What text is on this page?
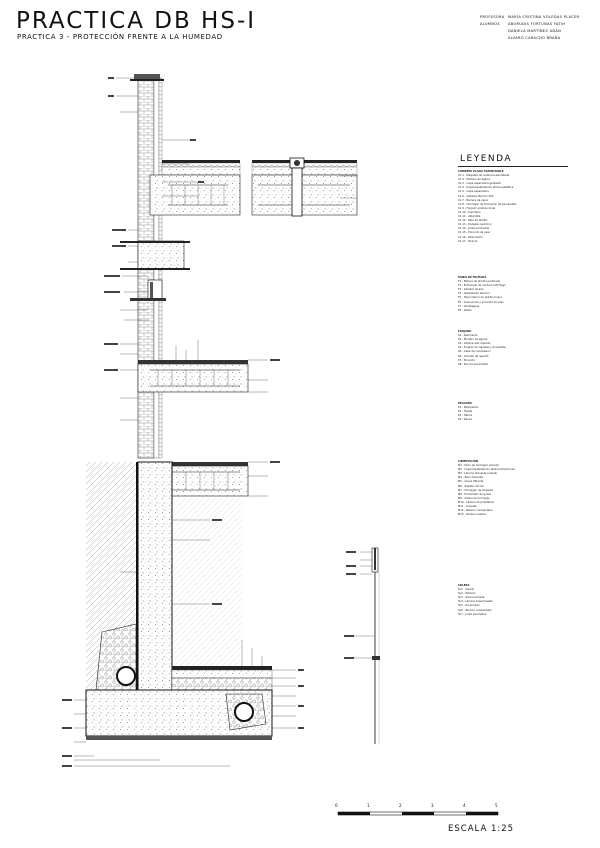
PRACTICA DB HS-I
PRACTICA 3 - PROTECCIÓN FRENTE A LA HUMEDAD
PROFESORA MARÍA CRISTINA VOLEDAS PLACER
ALUMNOS	ABURUDIS FORTUNAS FATIH
DANIELA MARTÍNEZ ADÁN
ÁLVARO CARACHO BRAÑA
LEYENDA
CUBIERTA PLANA TRANSITABLE
C1.1 - Plaqueta de cerámica esmaltada
C1.2 - Mortero de agarre
C1.3 - Capa separadora geotextil
C1.4 - Impermeabilización lámina asfáltica
C1.5 - Capa separadora
C1.6 - Aislante térmico XPS
C1.7 - Barrera de vapor
C1.8 - Hormigón de formación de pendientes
C1.9 - Forjado unidireccional
C1.10 - Sumidero
C1.11 - Albardilla
C1.12 - Peto de ladrillo
C1.13 - Rodapié cerámico
C1.14 - Junta perimetral
C1.15 - Enlucido de yeso
C1.16 - Falso techo
C1.17 - Pintura
MURO DE FACHADA
F1 - Fábrica de ladrillo perforado
F2 - Enfoscado de mortero hidrófugo
F3 - Cámara de aire
F4 - Aislamiento térmico
F5 - Hoja interior de ladrillo hueco
F6 - Guarnecido y enlucido de yeso
F7 - Vierteaguas
F8 - Dintel
FORJADO
S1 - Pavimento
S2 - Mortero de agarre
S3 - Lámina anti-impacto
S4 - Forjado de viguetas y bovedillas
S5 - Capa de compresión
S6 - Armado de reparto
S7 - Enlucido
S8 - Zuncho perimetral
PELDAÑO
P1 - Mamperlán
P2 - Huella
P3 - Tabica
P4 - Zanca
CIMENTACIÓN
M1 - Muro de hormigón armado
M2 - Impermeabilización lámina bituminosa
M3 - Lámina drenante nodular
M4 - Tubo drenante
M5 - Grava filtrante
M6 - Zapata corrida
M7 - Hormigón de limpieza
M8 - Encachado de grava
M9 - Solera de hormigón
M10 - Lámina de polietileno
M11 - Arqueta
M12 - Relleno compactado
M13 - Terreno natural
SOLERA
SL1 - Solado
SL2 - Mortero
SL3 - Solera armada
SL4 - Lámina impermeable
SL5 - Encachado
SL6 - Terreno compactado
SL7 - Junta perimetral
0	1	2	3	4	5
ESCALA 1:25
